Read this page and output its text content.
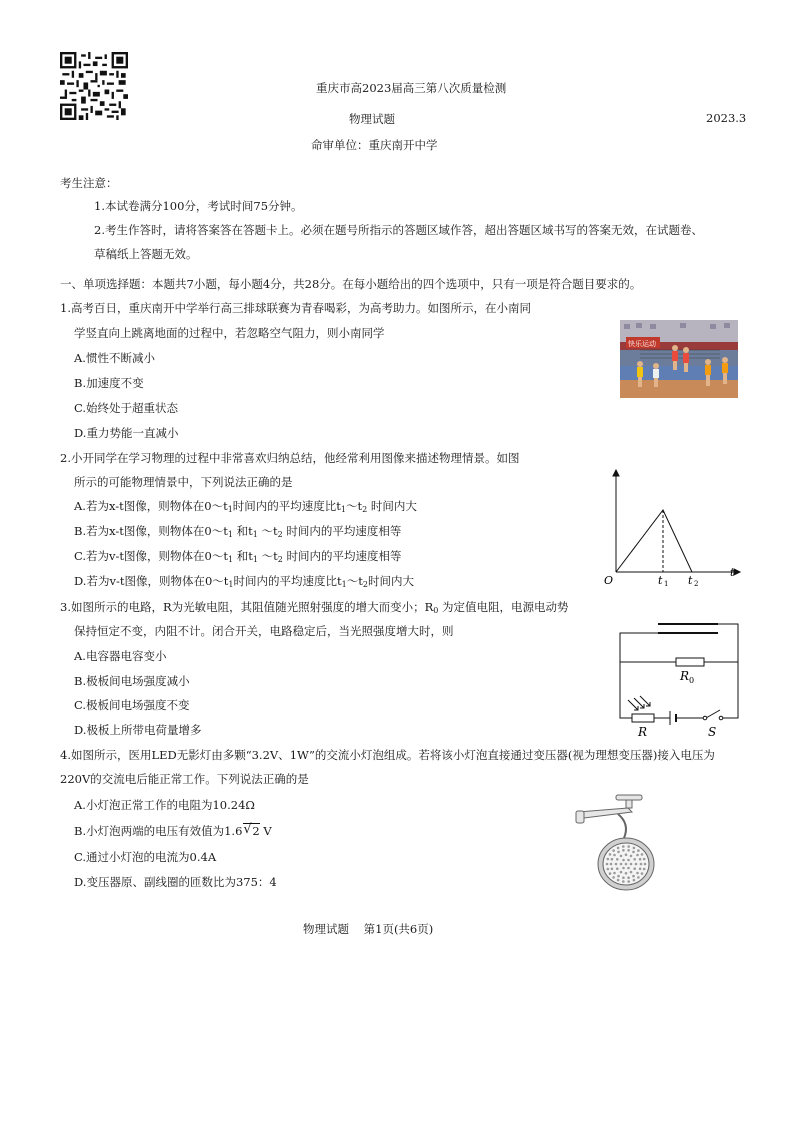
重庆市高2023届高三第八次质量检测
物理试题	2023.3
命审单位：重庆南开中学
考生注意：
1.本试卷满分100分，考试时间75分钟。
2.考生作答时，请将答案答在答题卡上。必须在题号所指示的答题区域作答，超出答题区域书写的答案无效，在试题卷、
草稿纸上答题无效。
一、单项选择题：本题共7小题，每小题4分，共28分。在每小题给出的四个选项中，只有一项是符合题目要求的。
1.高考百日，重庆南开中学举行高三排球联赛为青春喝彩，为高考助力。如图所示，在小南同
学竖直向上跳离地面的过程中，若忽略空气阻力，则小南同学
A.惯性不断减小
B.加速度不变
C.始终处于超重状态
D.重力势能一直减小
快乐运动
2.小开同学在学习物理的过程中非常喜欢归纳总结，他经常利用图像来描述物理情景。如图
所示的可能物理情景中，下列说法正确的是
A.若为x-t图像，则物体在$0\sim t_1$时间内的平均速度比$t_1\sim t_2$ 时间内大
B.若为x-t图像，则物体在$0\sim t_1$ 和$t_1$ $\sim t_2$ 时间内的平均速度相等
C.若为v-t图像，则物体在$0\sim t_1$ 和$t_1$ $\sim t_2$ 时间内的平均速度相等
D.若为v-t图像，则物体在$0\sim t_1$时间内的平均速度比$t_1\sim t_2$时间内大	O	t 1 t 2
t
3.如图所示的电路，R为光敏电阻，其阻值随光照射强度的增大而变小；$R_0$ 为定值电阻，电源电动势
保持恒定不变，内阻不计。闭合开关，电路稳定后，当光照强度增大时，则
A.电容器电容变小
B.极板间电场强度减小
C.极板间电场强度不变
D.极板上所带电荷量增多
R 0
R	S
4.如图所示，医用LED无影灯由多颗“3.2V、1W”的交流小灯泡组成。若将该小灯泡直接通过变压器(视为理想变压器)接入电压为
220V的交流电后能正常工作。下列说法正确的是
A.小灯泡正常工作的电阻为10.24Ω
B.小灯泡两端的电压有效值为1.6 √ 2 V
C.通过小灯泡的电流为0.4A
D.变压器原、副线圈的匝数比为375：4
物理试题    第1页(共6页)
